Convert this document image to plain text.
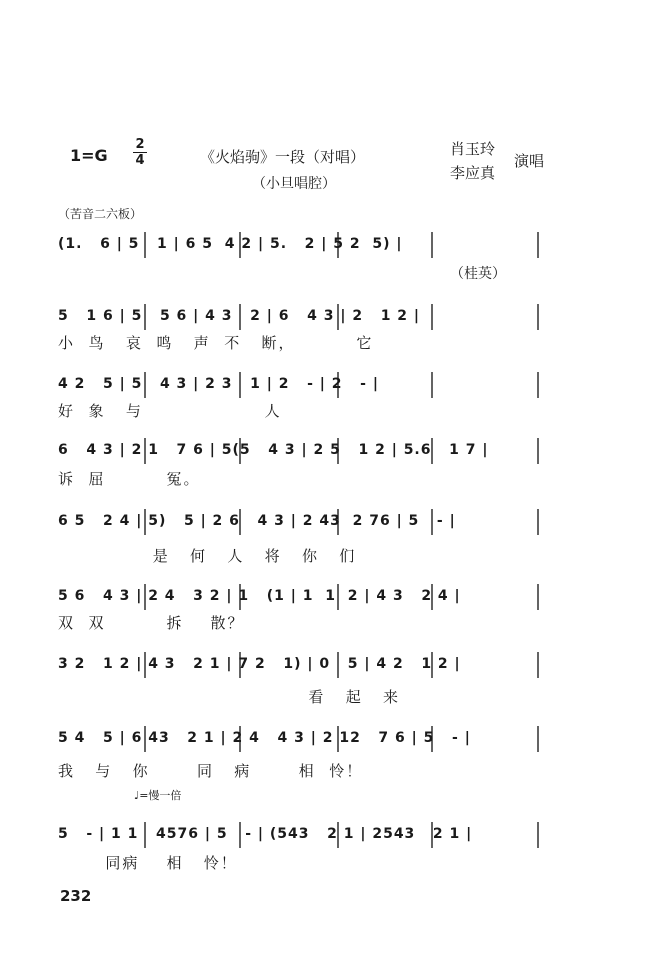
1=G
2
4	《火焰驹》一段（对唱）
（小旦唱腔）
肖玉玲
李应真
演唱
（苦音二六板）
（桂英）
♩=慢一倍
(1.   6 | 5   1 | 6 5  4 2 | 5.   2 | 5 2  5) |
5   1 6 | 5   5 6 | 4 3   2 | 6   4 3 | 2   1 2 |
小  鸟   哀  鸣   声  不   断，         它
4 2   5 | 5   4 3 | 2 3   1 | 2   - | 2   - |
好  象   与                  人
6   4 3 | 2 1   7 6 | 5(5   4 3 | 2 5   1 2 | 5.6   1 7 |
诉  屈         冤。
6 5   2 4 | 5)   5 | 2 6   4 3 | 2 43  2 76 | 5   - |
是   何   人   将   你   们
5 6   4 3 | 2 4   3 2 | 1   (1 | 1  1  2 | 4 3   2 4 |
双  双         拆    散？
3 2   1 2 | 4 3   2 1 | 7 2   1) | 0   5 | 4 2   1 2 |
看   起   来
5 4   5 | 6 43   2 1 | 2 4   4 3 | 2 12   7 6 | 5   - |
我   与   你       同   病       相  怜！
5   - | 1 1   4576 | 5   - | (543   2 1 | 2543   2 1 |
同病    相   怜！
232
